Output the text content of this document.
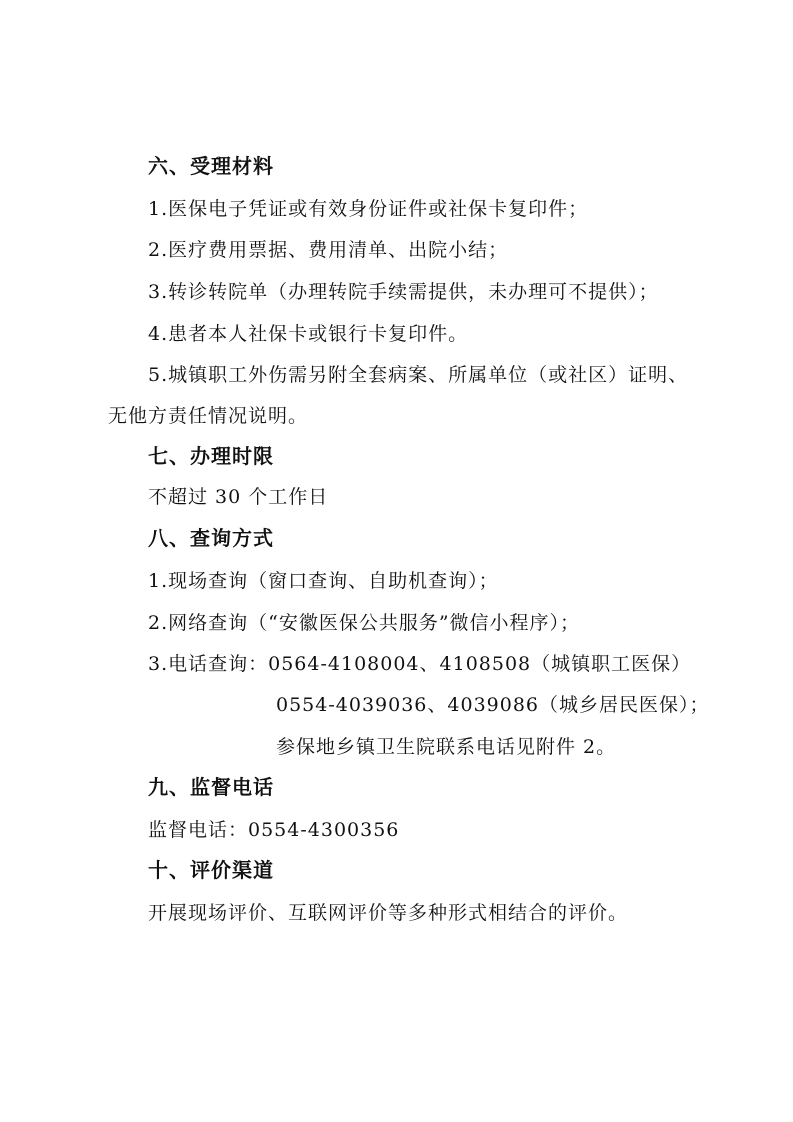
六、受理材料
1.医保电子凭证或有效身份证件或社保卡复印件；
2.医疗费用票据、费用清单、出院小结；
3.转诊转院单（办理转院手续需提供，未办理可不提供）；
4.患者本人社保卡或银行卡复印件。
5.城镇职工外伤需另附全套病案、所属单位（或社区）证明、
无他方责任情况说明。
七、办理时限
不超过 30 个工作日
八、查询方式
1.现场查询（窗口查询、自助机查询）；
2.网络查询（“安徽医保公共服务”微信小程序）；
3.电话查询：0564-4108004、4108508（城镇职工医保）
0554-4039036、4039086（城乡居民医保）；
参保地乡镇卫生院联系电话见附件 2。
九、监督电话
监督电话：0554-4300356
十、评价渠道
开展现场评价、互联网评价等多种形式相结合的评价。
